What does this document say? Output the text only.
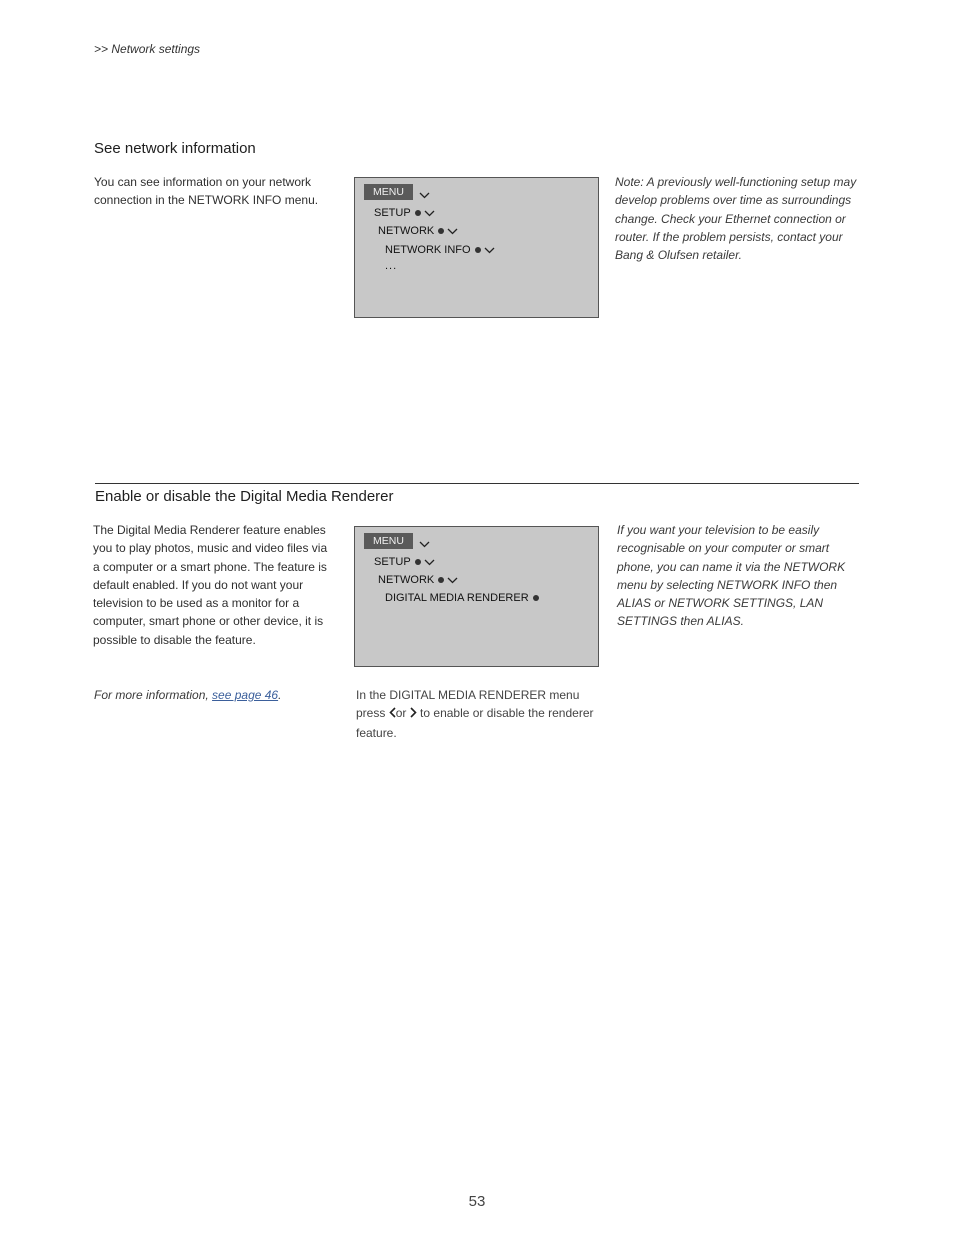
>> Network settings
See network information
You can see information on your network connection in the NETWORK INFO menu.
MENU
SETUP
NETWORK
NETWORK INFO
...
Note: A previously well-functioning setup may develop problems over time as surroundings change. Check your Ethernet connection or router. If the problem persists, contact your Bang & Olufsen retailer.
Enable or disable the Digital Media Renderer
The Digital Media Renderer feature enables you to play photos, music and video files via a computer or a smart phone. The feature is default enabled. If you do not want your television to be used as a monitor for a computer, smart phone or other device, it is possible to disable the feature.
MENU
SETUP
NETWORK
DIGITAL MEDIA RENDERER
If you want your television to be easily recognisable on your computer or smart phone, you can name it via the NETWORK menu by selecting NETWORK INFO then ALIAS or NETWORK SETTINGS, LAN SETTINGS then ALIAS.
For more information, see page 46.	In the DIGITAL MEDIA RENDERER menu
press or to enable or disable the renderer
feature.
53
